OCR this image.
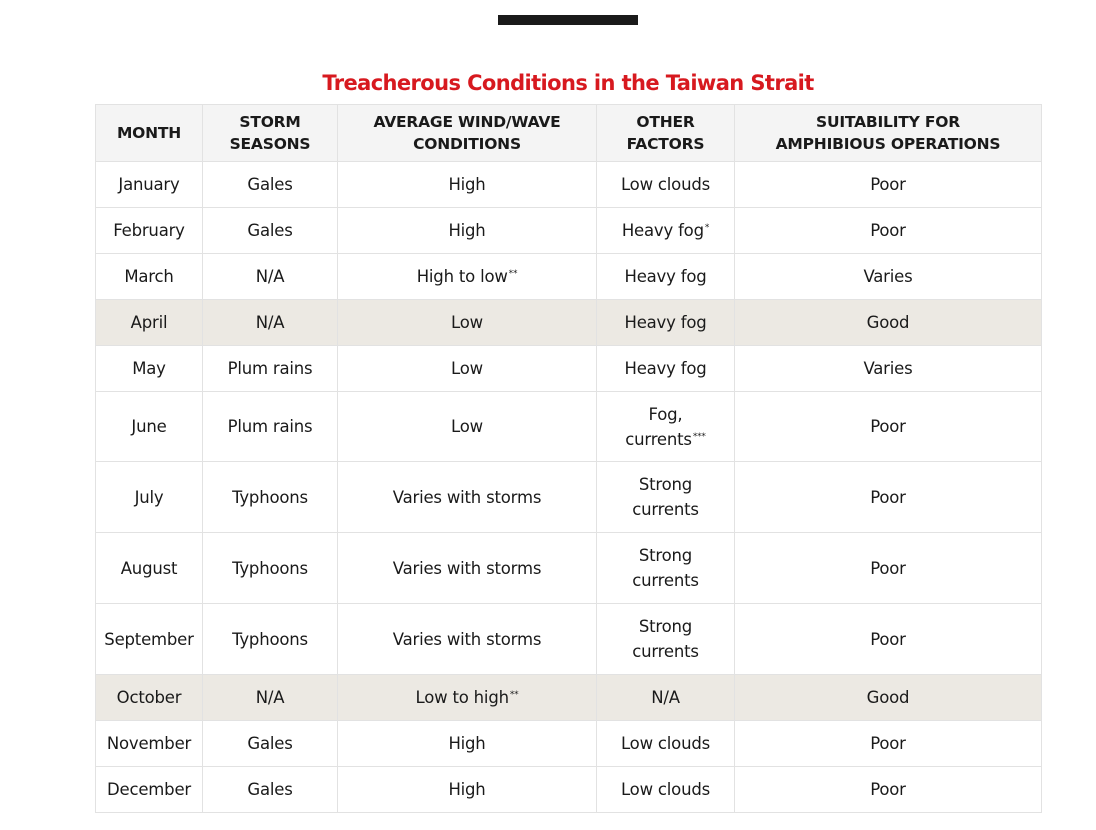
Treacherous Conditions in the Taiwan Strait
MONTH	STORM SEASONS	AVERAGE WIND/WAVE CONDITIONS	OTHER FACTORS	SUITABILITY FOR AMPHIBIOUS OPERATIONS
January	Gales	High	Low clouds	Poor
February	Gales	High	Heavy fog*	Poor
March	N/A	High to low**	Heavy fog	Varies
April	N/A	Low	Heavy fog	Good
May	Plum rains	Low	Heavy fog	Varies
June	Plum rains	Low	Fog, currents***	Poor
July	Typhoons	Varies with storms	Strong currents	Poor
August	Typhoons	Varies with storms	Strong currents	Poor
September	Typhoons	Varies with storms	Strong currents	Poor
October	N/A	Low to high**	N/A	Good
November	Gales	High	Low clouds	Poor
December	Gales	High	Low clouds	Poor
